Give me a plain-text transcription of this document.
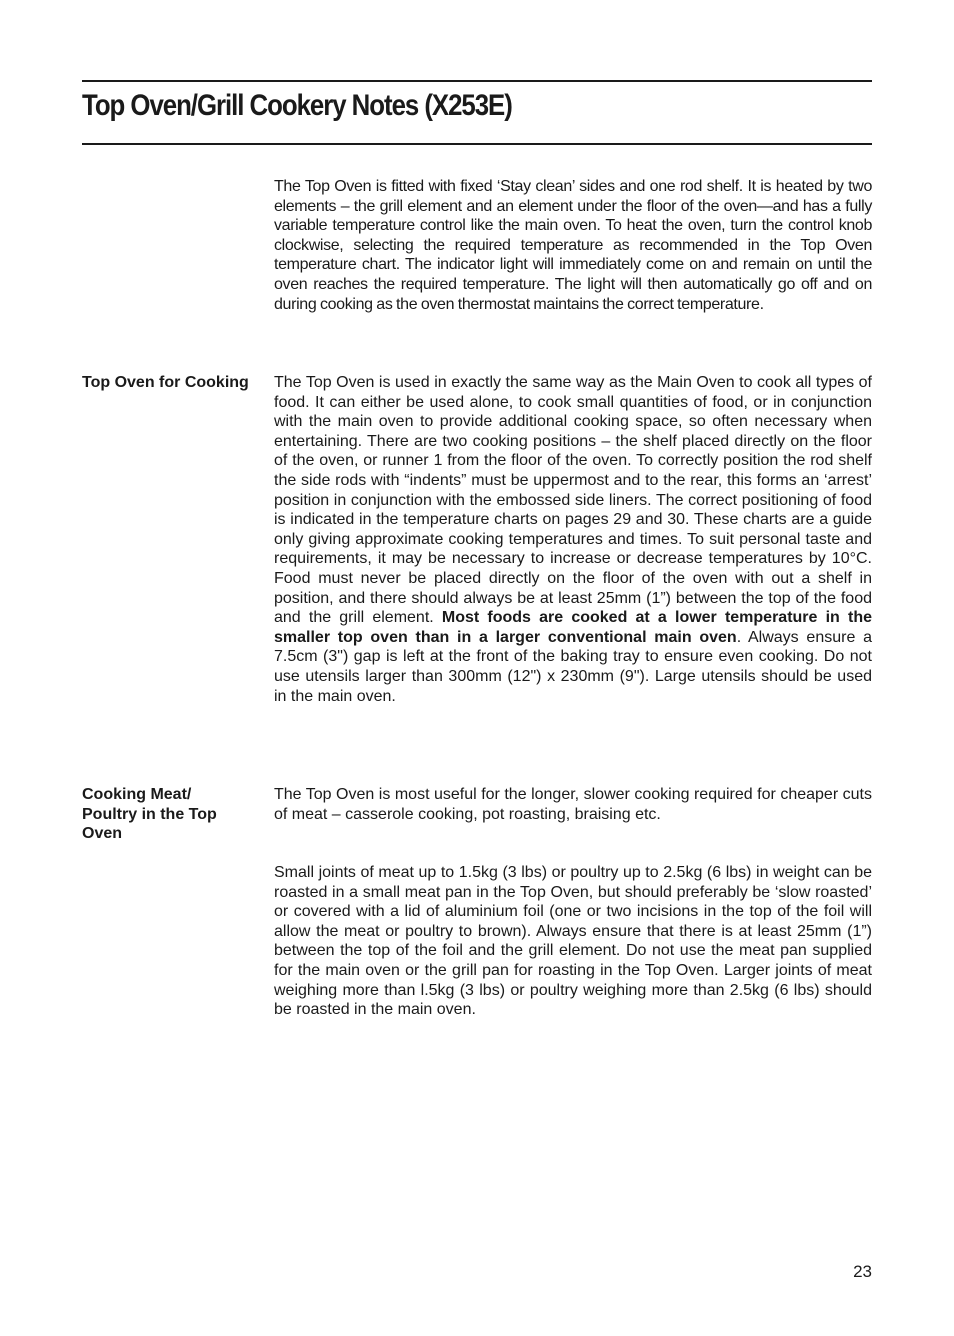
Top Oven/Grill Cookery Notes (X253E)

The Top Oven is fitted with fixed ‘Stay clean’ sides and one rod shelf. It is heated by two elements – the grill element and an element under the floor of the oven—and has a fully variable temperature control like the main oven. To heat the oven, turn the control knob clockwise, selecting the required temperature as recommended in the Top Oven temperature chart. The indicator light will immediately come on and remain on until the oven reaches the required temperature. The light will then automatically go off and on during cooking as the oven thermostat maintains the correct temperature.

Top Oven for Cooking The Top Oven is used in exactly the same way as the Main Oven to cook all types of food. It can either be used alone, to cook small quantities of food, or in conjunction with the main oven to provide additional cooking space, so often necessary when entertaining. There are two cooking positions – the shelf placed directly on the floor of the oven, or runner 1 from the floor of the oven. To correctly position the rod shelf the side rods with “indents” must be uppermost and to the rear, this forms an ‘arrest’ position in conjunction with the embossed side liners. The correct positioning of food is indicated in the temperature charts on pages 29 and 30. These charts are a guide only giving approximate cooking temperatures and times. To suit personal taste and requirements, it may be necessary to increase or decrease temperatures by 10°C. Food must never be placed directly on the floor of the oven with out a shelf in position, and there should always be at least 25mm (1”) between the top of the food and the grill element. Most foods are cooked at a lower temperature in the smaller top oven than in a larger conventional main oven. Always ensure a 7.5cm (3") gap is left at the front of the baking tray to ensure even cooking. Do not use utensils larger than 300mm (12") x 230mm (9"). Large utensils should be used in the main oven.

Cooking Meat/ Poultry in the Top Oven

The Top Oven is most useful for the longer, slower cooking required for cheaper cuts of meat – casserole cooking, pot roasting, braising etc.

Small joints of meat up to 1.5kg (3 lbs) or poultry up to 2.5kg (6 lbs) in weight can be roasted in a small meat pan in the Top Oven, but should preferably be ‘slow roasted’ or covered with a lid of aluminium foil (one or two incisions in the top of the foil will allow the meat or poultry to brown). Always ensure that there is at least 25mm (1”) between the top of the foil and the grill element. Do not use the meat pan supplied for the main oven or the grill pan for roasting in the Top Oven. Larger joints of meat weighing more than l.5kg (3 lbs) or poultry weighing more than 2.5kg (6 lbs) should be roasted in the main oven.

23
